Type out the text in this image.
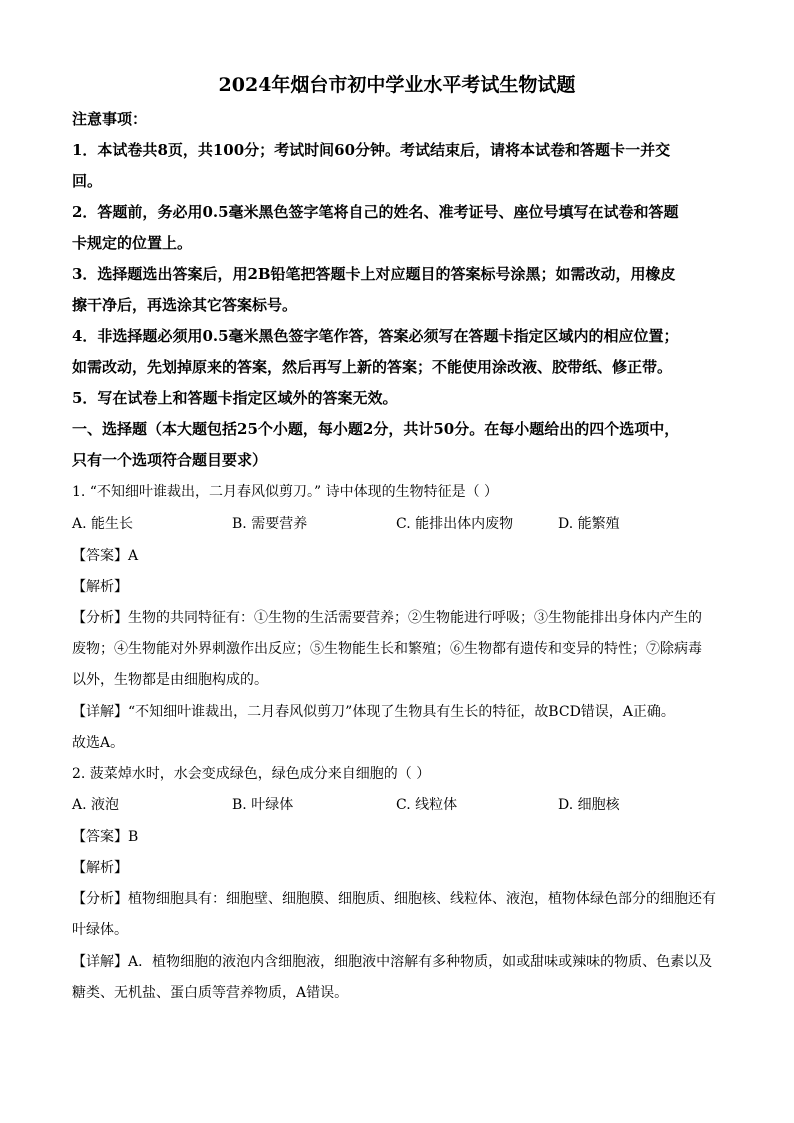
2024年烟台市初中学业水平考试生物试题
注意事项：
1．本试卷共8页，共100分；考试时间60分钟。考试结束后，请将本试卷和答题卡一并交
回。
2．答题前，务必用0.5毫米黑色签字笔将自己的姓名、准考证号、座位号填写在试卷和答题
卡规定的位置上。
3．选择题选出答案后，用2B铅笔把答题卡上对应题目的答案标号涂黑；如需改动，用橡皮
擦干净后，再选涂其它答案标号。
4．非选择题必须用0.5毫米黑色签字笔作答，答案必须写在答题卡指定区域内的相应位置；
如需改动，先划掉原来的答案，然后再写上新的答案；不能使用涂改液、胶带纸、修正带。
5．写在试卷上和答题卡指定区域外的答案无效。
一、选择题（本大题包括25个小题，每小题2分，共计50分。在每小题给出的四个选项中，
只有一个选项符合题目要求）
1. “不知细叶谁裁出，二月春风似剪刀。” 诗中体现的生物特征是（ ）
A. 能生长	B. 需要营养	C. 能排出体内废物	D. 能繁殖
【答案】A
【解析】
【分析】生物的共同特征有：①生物的生活需要营养；②生物能进行呼吸；③生物能排出身体内产生的
废物；④生物能对外界刺激作出反应；⑤生物能生长和繁殖；⑥生物都有遗传和变异的特性；⑦除病毒
以外，生物都是由细胞构成的。
【详解】“不知细叶谁裁出，二月春风似剪刀”体现了生物具有生长的特征，故BCD错误，A正确。
故选A。
2. 菠菜焯水时，水会变成绿色，绿色成分来自细胞的（ ）
A. 液泡	B. 叶绿体	C. 线粒体	D. 细胞核
【答案】B
【解析】
【分析】植物细胞具有：细胞壁、细胞膜、细胞质、细胞核、线粒体、液泡，植物体绿色部分的细胞还有
叶绿体。
【详解】A．植物细胞的液泡内含细胞液，细胞液中溶解有多种物质，如或甜味或辣味的物质、色素以及
糖类、无机盐、蛋白质等营养物质，A错误。
